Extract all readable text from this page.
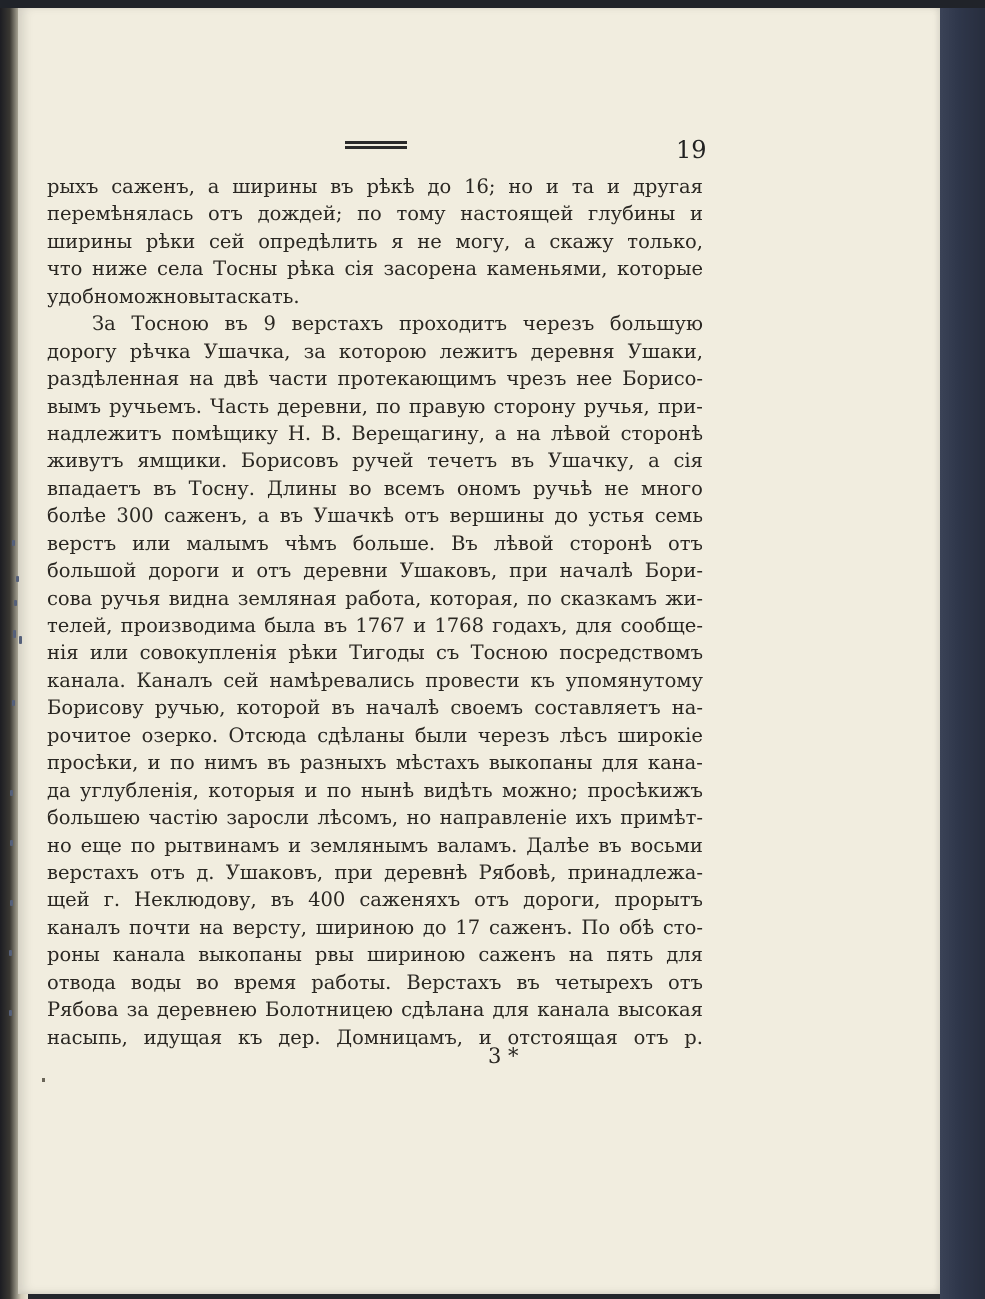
19
рыхъ саженъ, а ширины въ рѣкѣ до 16; но и та и другая
перемѣнялась отъ дождей; по тому настоящей глубины и
ширины рѣки сей опредѣлить я не могу, а скажу только,
что ниже села Тосны рѣка сія засорена каменьями, которые
удобно можно вытаскать.
За Тосною въ 9 верстахъ проходитъ черезъ большую
дорогу рѣчка Ушачка, за которою лежитъ деревня Ушаки,
раздѣленная на двѣ части протекающимъ чрезъ нее Борисо-
вымъ ручьемъ. Часть деревни, по правую сторону ручья, при-
надлежитъ помѣщику Н. В. Верещагину, а на лѣвой сторонѣ
живутъ ямщики. Борисовъ ручей течетъ въ Ушачку, а сія
впадаетъ въ Тосну. Длины во всемъ ономъ ручьѣ не много
болѣе 300 саженъ, а въ Ушачкѣ отъ вершины до устья семь
верстъ или малымъ чѣмъ больше. Въ лѣвой сторонѣ отъ
большой дороги и отъ деревни Ушаковъ, при началѣ Бори-
сова ручья видна земляная работа, которая, по сказкамъ жи-
телей, производима была въ 1767 и 1768 годахъ, для сообще-
нія или совокупленія рѣки Тигоды съ Тосною посредствомъ
канала. Каналъ сей намѣревались провести къ упомянутому
Борисову ручью, которой въ началѣ своемъ составляетъ на-
рочитое озерко. Отсюда сдѣланы были черезъ лѣсъ широкіе
просѣки, и по нимъ въ разныхъ мѣстахъ выкопаны для кана-
да углубленія, которыя и по нынѣ видѣть можно; просѣкижъ
большею частію заросли лѣсомъ, но направленіе ихъ примѣт-
но еще по рытвинамъ и землянымъ валамъ. Далѣе въ восьми
верстахъ отъ д. Ушаковъ, при деревнѣ Рябовѣ, принадлежа-
щей г. Неклюдову, въ 400 саженяхъ отъ дороги, прорытъ
каналъ почти на версту, шириною до 17 саженъ. По обѣ сто-
роны канала выкопаны рвы шириною саженъ на пять для
отвода воды во время работы. Верстахъ въ четырехъ отъ
Рябова за деревнею Болотницею сдѣлана для канала высокая
насыпь, идущая къ дер. Домницамъ, и отстоящая отъ р.
3 *
